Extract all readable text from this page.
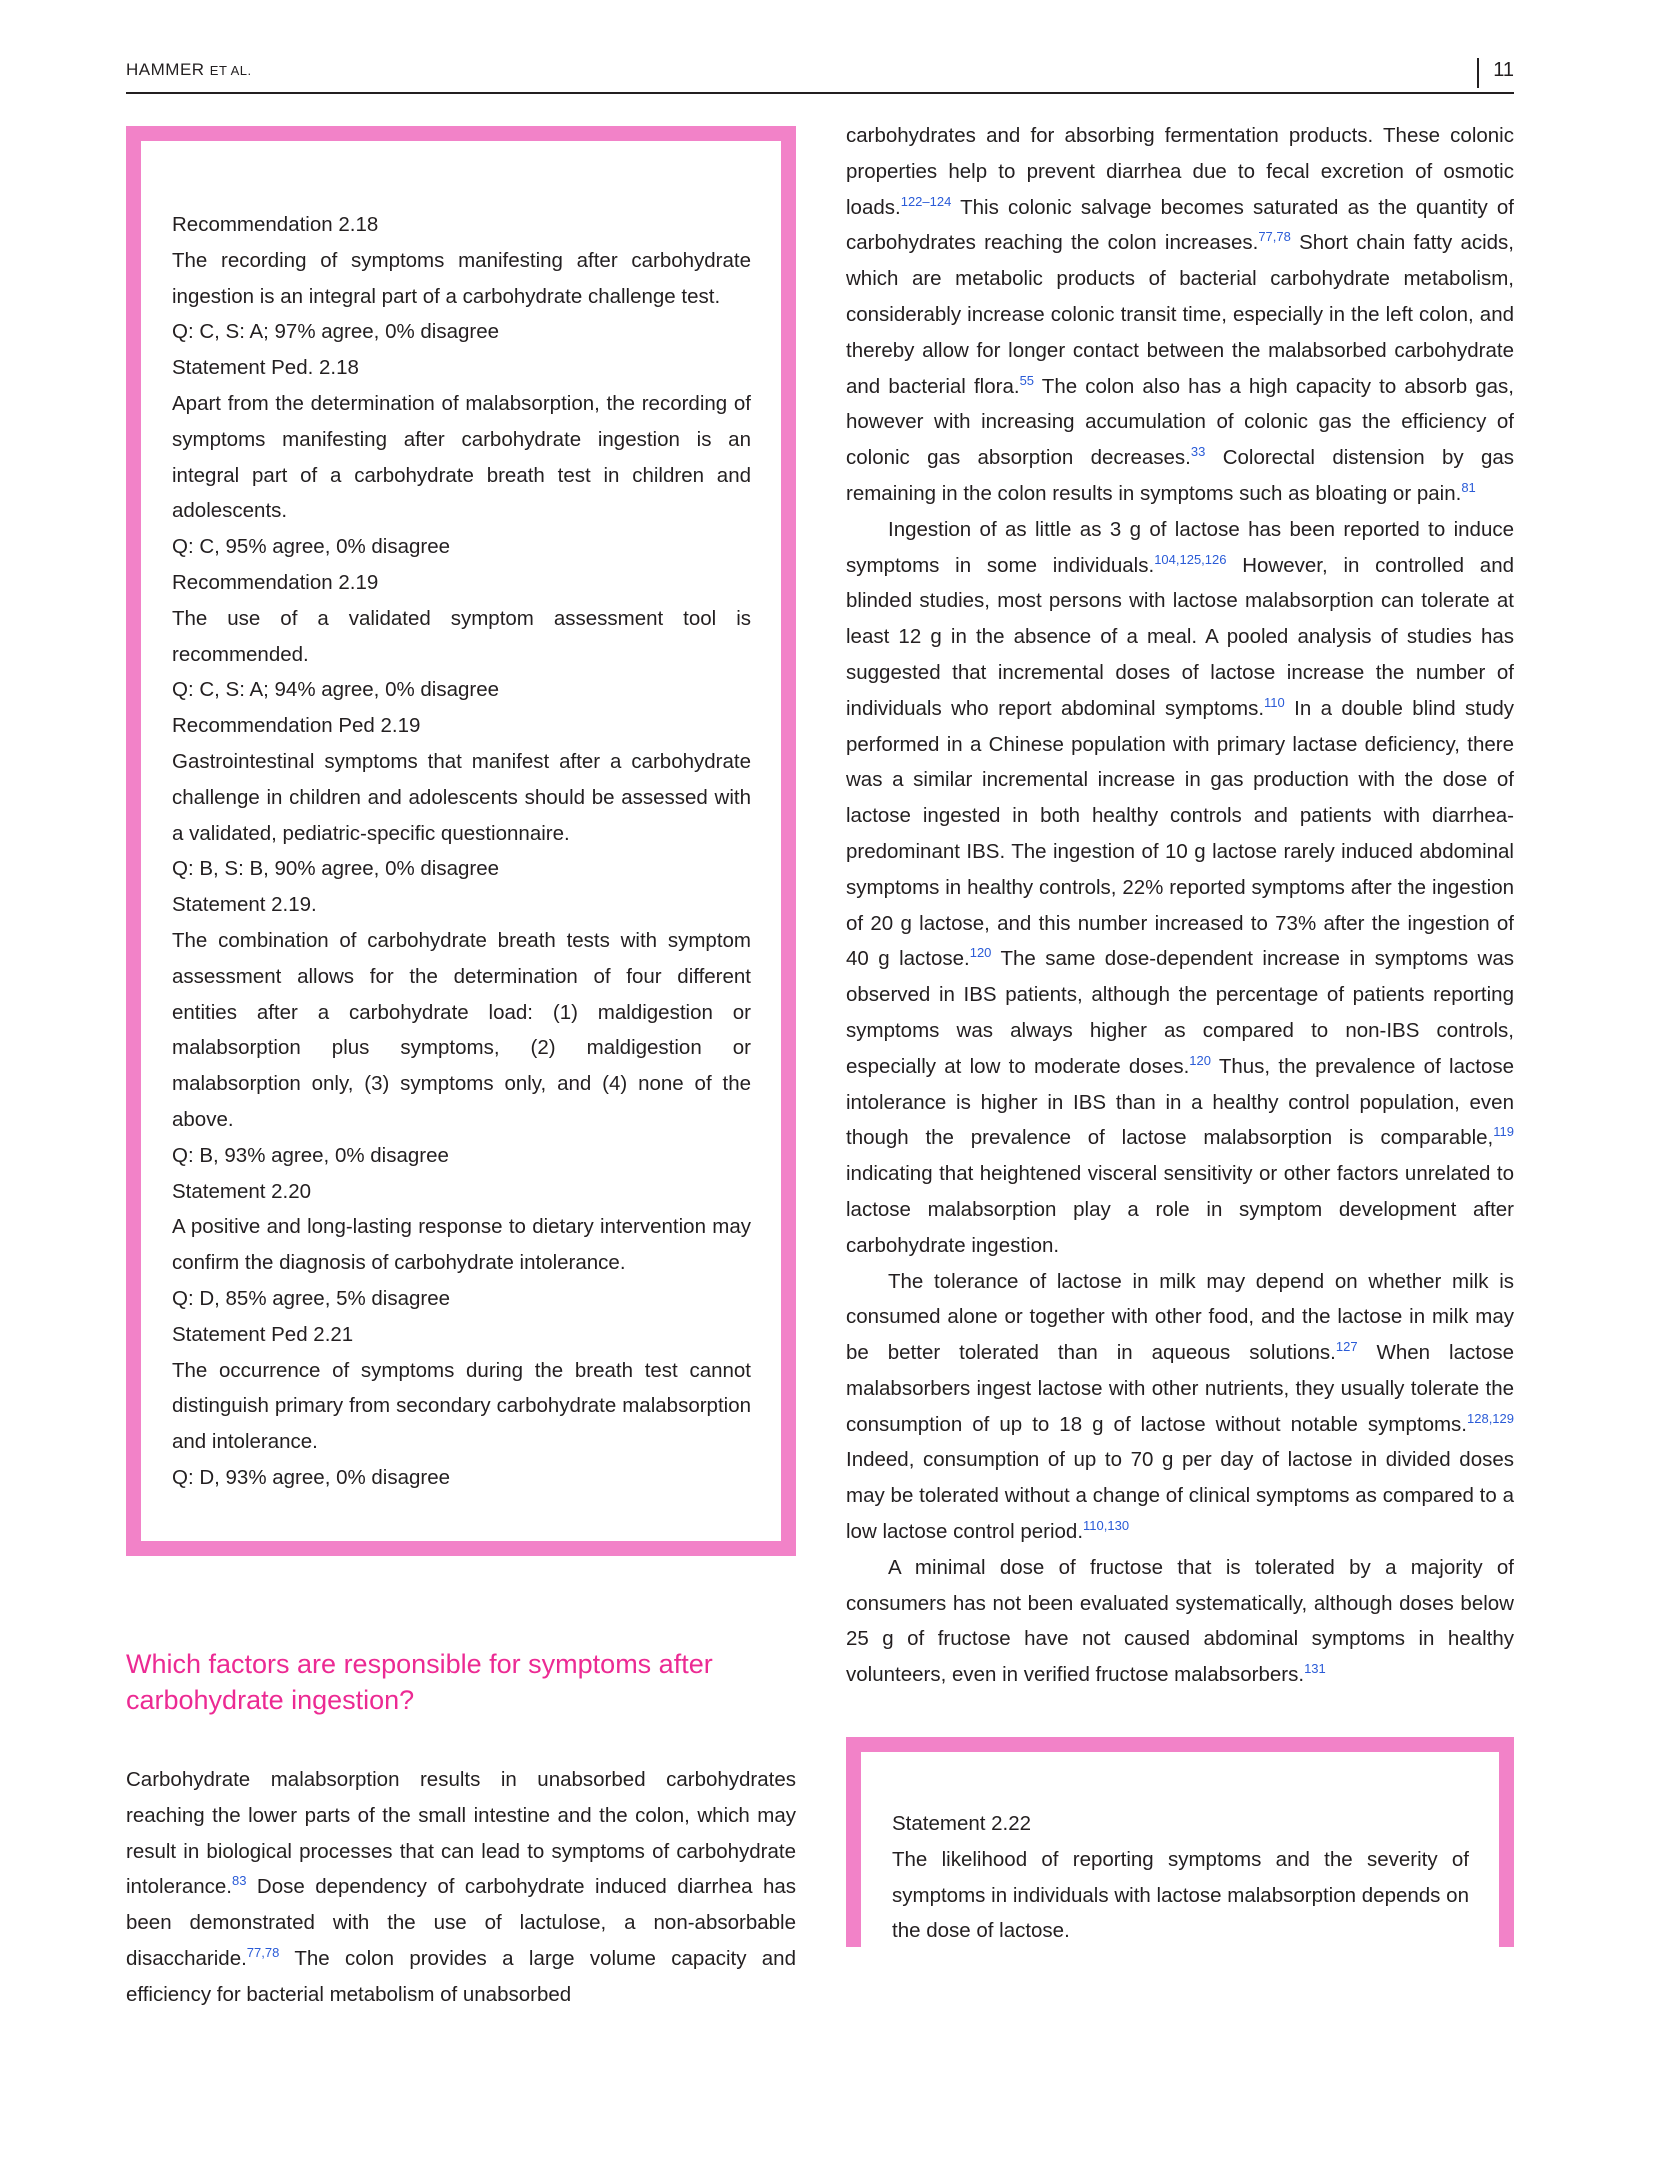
HAMMER ET AL.	11

Recommendation 2.18

The recording of symptoms manifesting after carbohydrate ingestion is an integral part of a carbohydrate challenge test.

Q: C, S: A; 97% agree, 0% disagree

Statement Ped. 2.18

Apart from the determination of malabsorption, the recording of symptoms manifesting after carbohydrate ingestion is an integral part of a carbohydrate breath test in children and adolescents.

Q: C, 95% agree, 0% disagree

Recommendation 2.19

The use of a validated symptom assessment tool is recommended.

Q: C, S: A; 94% agree, 0% disagree

Recommendation Ped 2.19

Gastrointestinal symptoms that manifest after a carbohydrate challenge in children and adolescents should be assessed with a validated, pediatric-specific questionnaire.

Q: B, S: B, 90% agree, 0% disagree

Statement 2.19.

The combination of carbohydrate breath tests with symptom assessment allows for the determination of four different entities after a carbohydrate load: (1) maldigestion or malabsorption plus symptoms, (2) maldigestion or malabsorption only, (3) symptoms only, and (4) none of the above.

Q: B, 93% agree, 0% disagree

Statement 2.20

A positive and long-lasting response to dietary intervention may confirm the diagnosis of carbohydrate intolerance.

Q: D, 85% agree, 5% disagree

Statement Ped 2.21

The occurrence of symptoms during the breath test cannot distinguish primary from secondary carbohydrate malabsorption and intolerance.

Q: D, 93% agree, 0% disagree

Which factors are responsible for symptoms after carbohydrate ingestion?

Carbohydrate malabsorption results in unabsorbed carbohydrates reaching the lower parts of the small intestine and the colon, which may result in biological processes that can lead to symptoms of carbohydrate intolerance.$^{83}$ Dose dependency of carbohydrate induced diarrhea has been demonstrated with the use of lactulose, a non-absorbable disaccharide.$^{77,78}$ The colon provides a large volume capacity and efficiency for bacterial metabolism of unabsorbed

carbohydrates and for absorbing fermentation products. These colonic properties help to prevent diarrhea due to fecal excretion of osmotic loads.$^{122-124}$ This colonic salvage becomes saturated as the quantity of carbohydrates reaching the colon increases.$^{77,78}$ Short chain fatty acids, which are metabolic products of bacterial carbohydrate metabolism, considerably increase colonic transit time, especially in the left colon, and thereby allow for longer contact between the malabsorbed carbohydrate and bacterial flora.$^{55}$ The colon also has a high capacity to absorb gas, however with increasing accumulation of colonic gas the efficiency of colonic gas absorption decreases.$^{33}$ Colorectal distension by gas remaining in the colon results in symptoms such as bloating or pain.$^{81}$

Ingestion of as little as 3 g of lactose has been reported to induce symptoms in some individuals.$^{104,125,126}$ However, in controlled and blinded studies, most persons with lactose malabsorption can tolerate at least 12 g in the absence of a meal. A pooled analysis of studies has suggested that incremental doses of lactose increase the number of individuals who report abdominal symptoms.$^{110}$ In a double blind study performed in a Chinese population with primary lactase deficiency, there was a similar incremental increase in gas production with the dose of lactose ingested in both healthy controls and patients with diarrhea-predominant IBS. The ingestion of 10 g lactose rarely induced abdominal symptoms in healthy controls, 22% reported symptoms after the ingestion of 20 g lactose, and this number increased to 73% after the ingestion of 40 g lactose.$^{120}$ The same dose-dependent increase in symptoms was observed in IBS patients, although the percentage of patients reporting symptoms was always higher as compared to non-IBS controls, especially at low to moderate doses.$^{120}$ Thus, the prevalence of lactose intolerance is higher in IBS than in a healthy control population, even though the prevalence of lactose malabsorption is comparable,$^{119}$ indicating that heightened visceral sensitivity or other factors unrelated to lactose malabsorption play a role in symptom development after carbohydrate ingestion.

The tolerance of lactose in milk may depend on whether milk is consumed alone or together with other food, and the lactose in milk may be better tolerated than in aqueous solutions.$^{127}$ When lactose malabsorbers ingest lactose with other nutrients, they usually tolerate the consumption of up to 18 g of lactose without notable symptoms.$^{128,129}$ Indeed, consumption of up to 70 g per day of lactose in divided doses may be tolerated without a change of clinical symptoms as compared to a low lactose control period.$^{110,130}$

A minimal dose of fructose that is tolerated by a majority of consumers has not been evaluated systematically, although doses below 25 g of fructose have not caused abdominal symptoms in healthy volunteers, even in verified fructose malabsorbers.$^{131}$

Statement 2.22

The likelihood of reporting symptoms and the severity of symptoms in individuals with lactose malabsorption depends on the dose of lactose.
